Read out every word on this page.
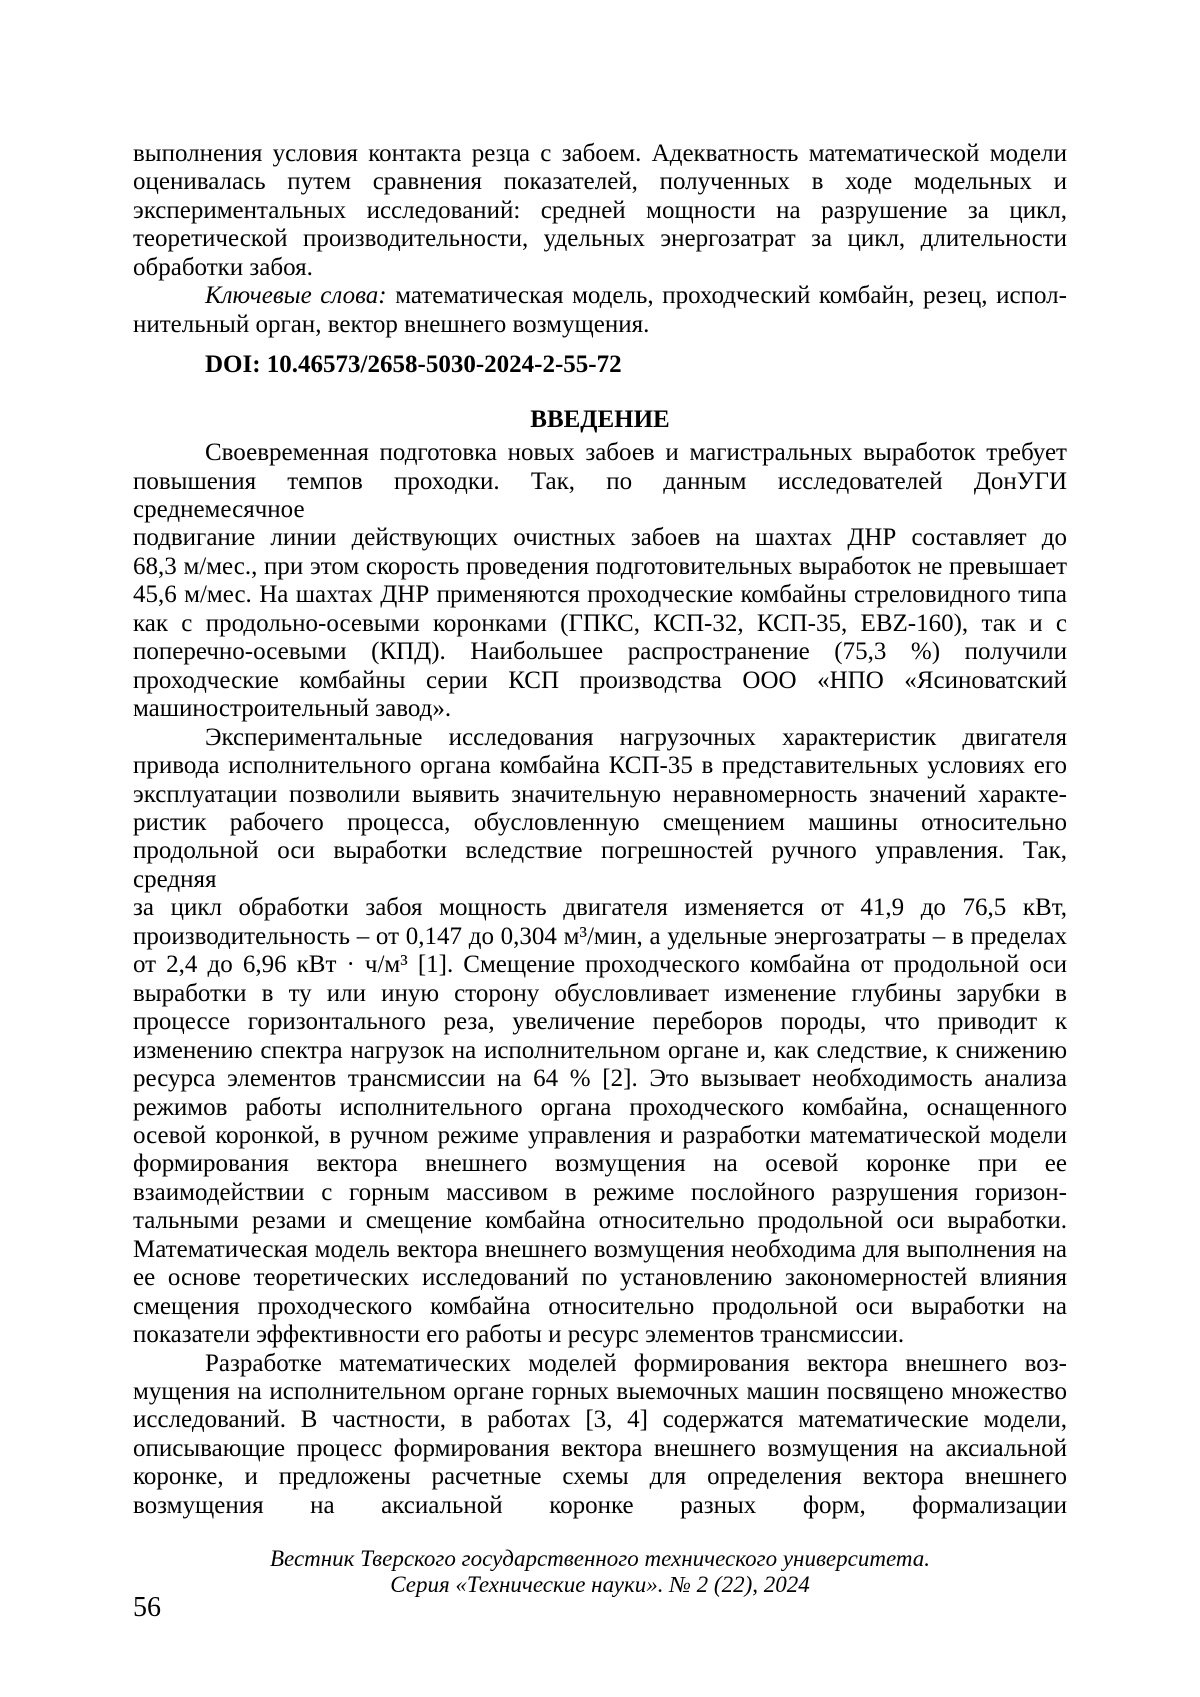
выполнения условия контакта резца с забоем. Адекватность математической модели
оценивалась путем сравнения показателей, полученных в ходе модельных и
экспериментальных исследований: средней мощности на разрушение за цикл,
теоретической производительности, удельных энергозатрат за цикл, длительности
обработки забоя.
Ключевые слова: математическая модель, проходческий комбайн, резец, испол-
нительный орган, вектор внешнего возмущения.
DOI: 10.46573/2658-5030-2024-2-55-72
ВВЕДЕНИЕ
Своевременная подготовка новых забоев и магистральных выработок требует
повышения темпов проходки. Так, по данным исследователей ДонУГИ среднемесячное
подвигание линии действующих очистных забоев на шахтах ДНР составляет до
68,3 м/мес., при этом скорость проведения подготовительных выработок не превышает
45,6 м/мес. На шахтах ДНР применяются проходческие комбайны стреловидного типа
как с продольно-осевыми коронками (ГПКС, КСП-32, КСП-35, EBZ-160), так и с
поперечно-осевыми (КПД). Наибольшее распространение (75,3 %) получили
проходческие комбайны серии КСП производства ООО «НПО «Ясиноватский
машиностроительный завод».
Экспериментальные исследования нагрузочных характеристик двигателя
привода исполнительного органа комбайна КСП-35 в представительных условиях его
эксплуатации позволили выявить значительную неравномерность значений характе-
ристик рабочего процесса, обусловленную смещением машины относительно
продольной оси выработки вследствие погрешностей ручного управления. Так, средняя
за цикл обработки забоя мощность двигателя изменяется от 41,9 до 76,5 кВт,
производительность – от 0,147 до 0,304 м³/мин, а удельные энергозатраты – в пределах
от 2,4 до 6,96 кВт · ч/м³ [1]. Смещение проходческого комбайна от продольной оси
выработки в ту или иную сторону обусловливает изменение глубины зарубки в
процессе горизонтального реза, увеличение переборов породы, что приводит к
изменению спектра нагрузок на исполнительном органе и, как следствие, к снижению
ресурса элементов трансмиссии на 64 % [2]. Это вызывает необходимость анализа
режимов работы исполнительного органа проходческого комбайна, оснащенного
осевой коронкой, в ручном режиме управления и разработки математической модели
формирования вектора внешнего возмущения на осевой коронке при ее
взаимодействии с горным массивом в режиме послойного разрушения горизон-
тальными резами и смещение комбайна относительно продольной оси выработки.
Математическая модель вектора внешнего возмущения необходима для выполнения на
ее основе теоретических исследований по установлению закономерностей влияния
смещения проходческого комбайна относительно продольной оси выработки на
показатели эффективности его работы и ресурс элементов трансмиссии.
Разработке математических моделей формирования вектора внешнего воз-
мущения на исполнительном органе горных выемочных машин посвящено множество
исследований. В частности, в работах [3, 4] содержатся математические модели,
описывающие процесс формирования вектора внешнего возмущения на аксиальной
коронке, и предложены расчетные схемы для определения вектора внешнего
возмущения на аксиальной коронке разных форм, формализации
Вестник Тверского государственного технического университета.
Серия «Технические науки». № 2 (22), 2024
56
